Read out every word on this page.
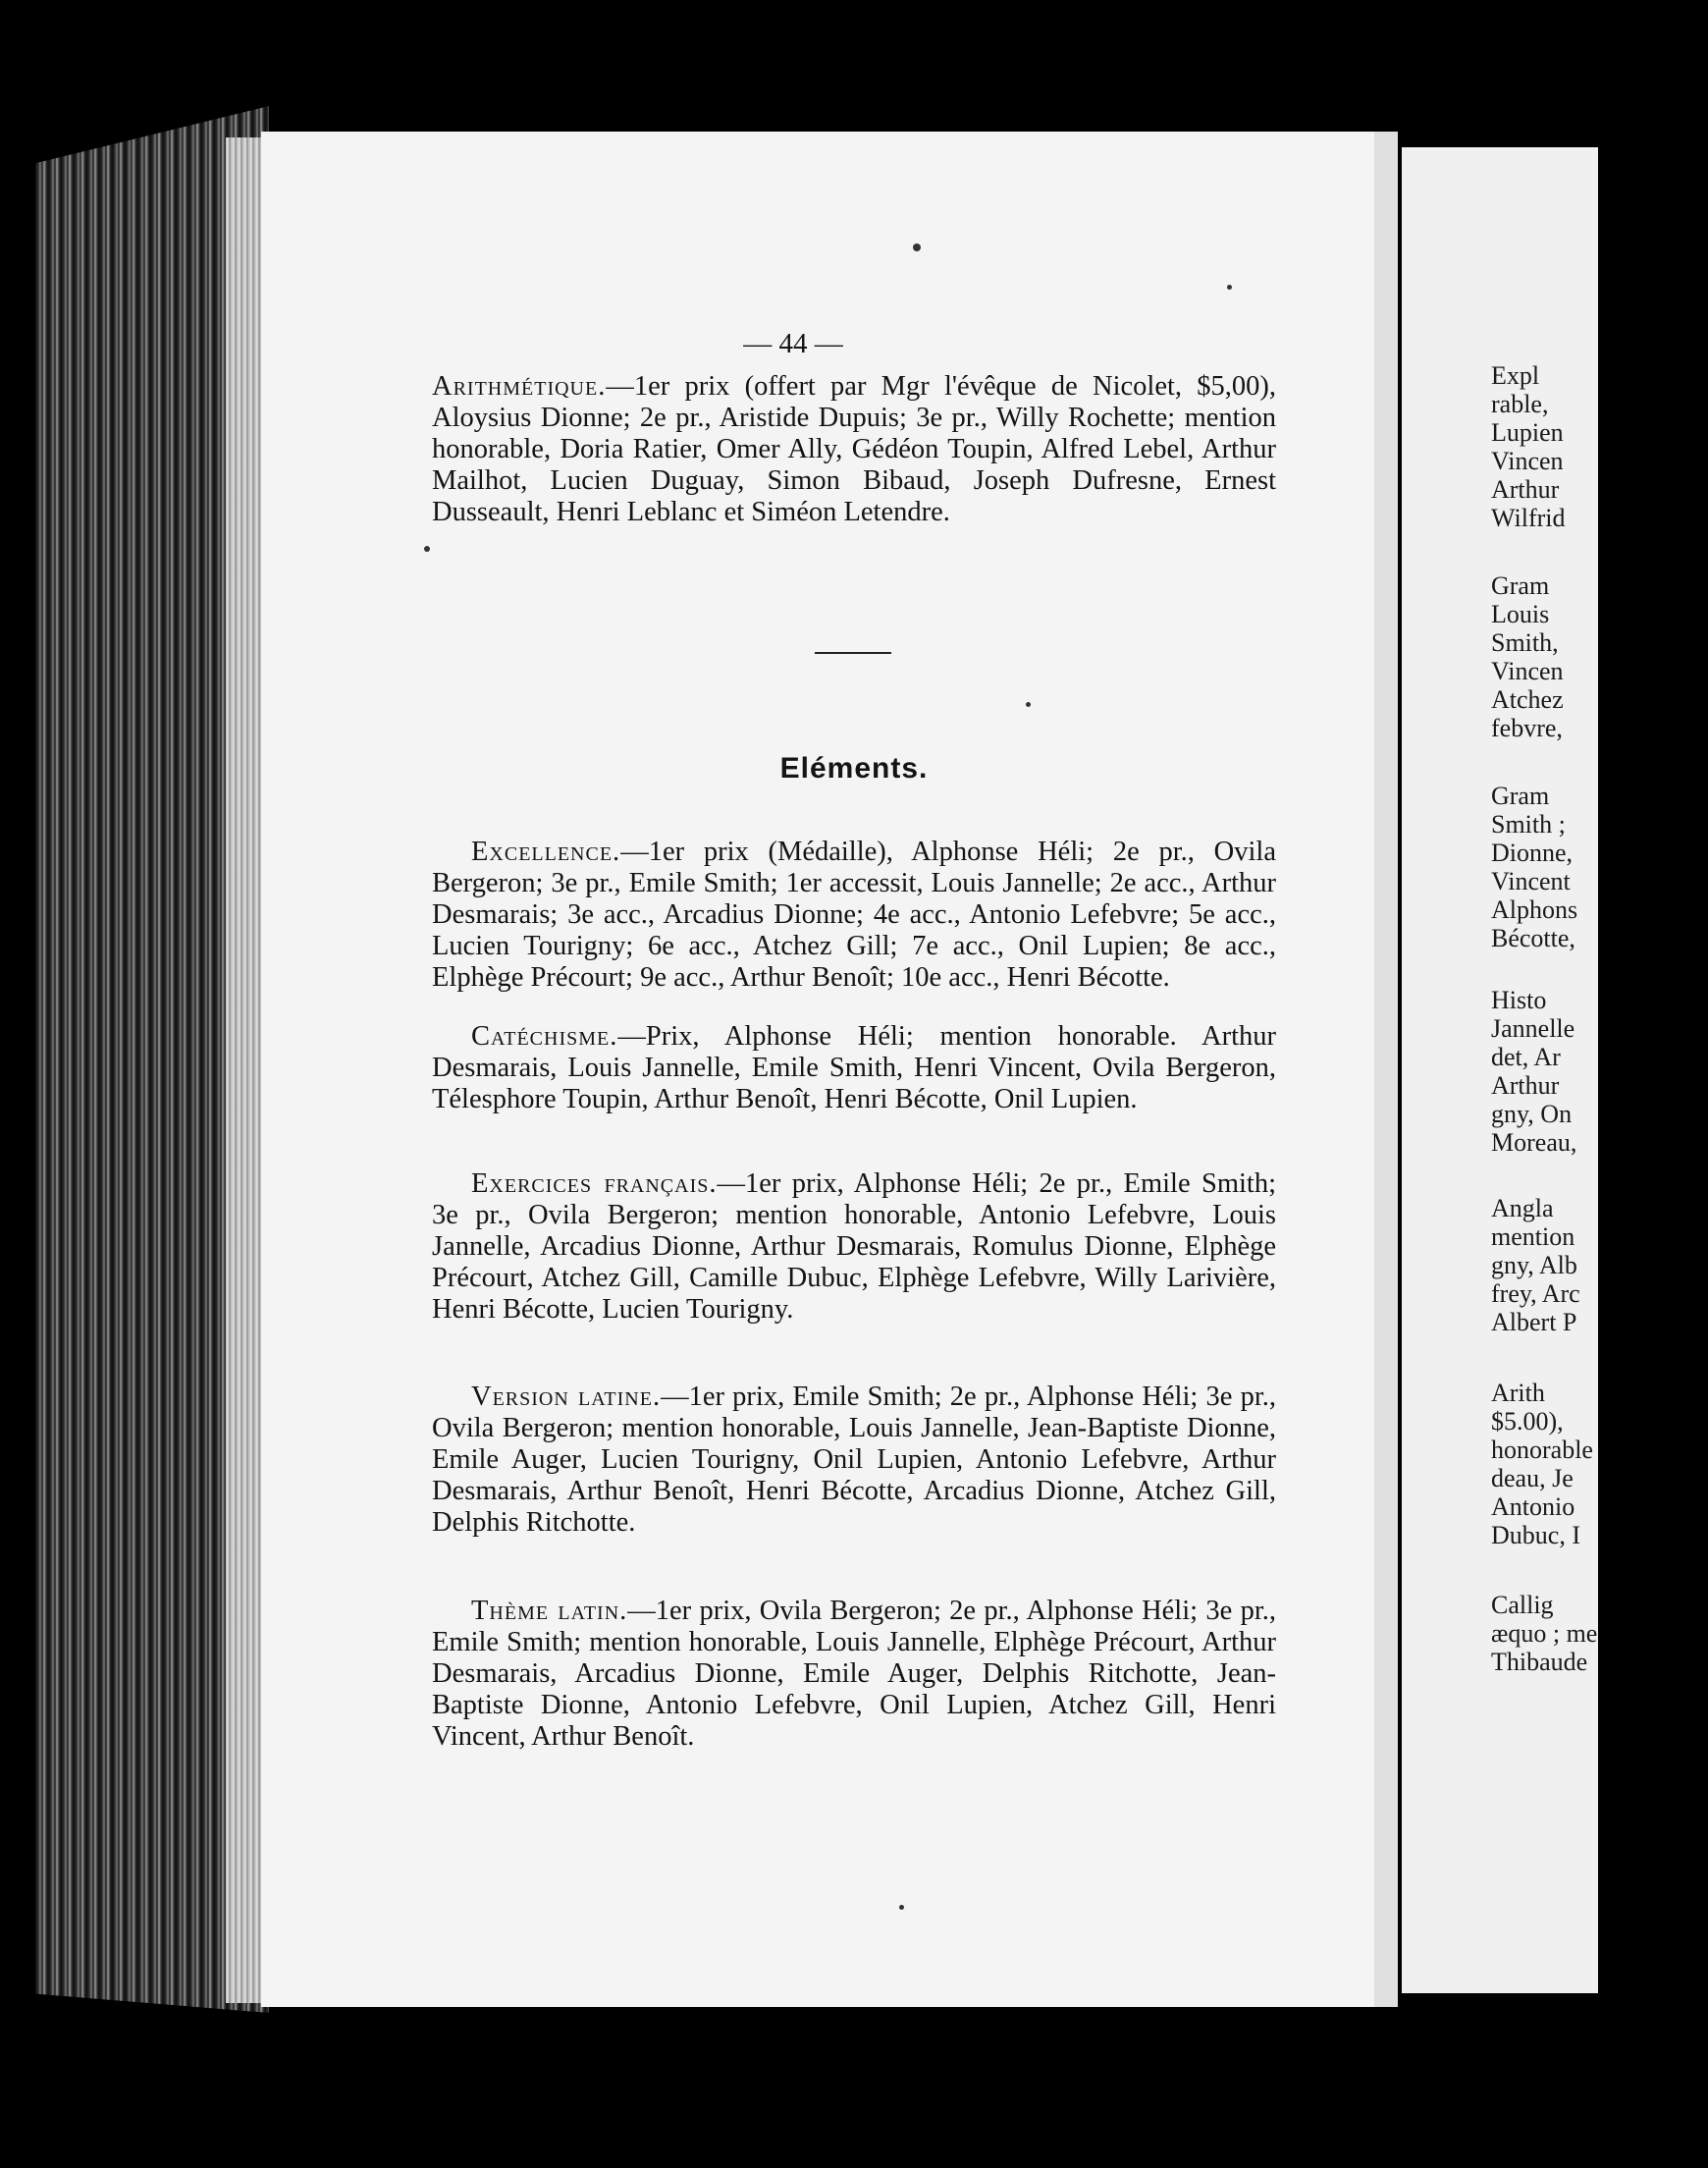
— 44 —

Arithmétique.—1er prix (offert par Mgr l'évêque de Nicolet, $5,00), Aloysius Dionne; 2e pr., Aristide Dupuis; 3e pr., Willy Rochette; mention honorable, Doria Ratier, Omer Ally, Gédéon Toupin, Alfred Lebel, Arthur Mailhot, Lucien Duguay, Simon Bibaud, Joseph Dufresne, Ernest Dusseault, Henri Leblanc et Siméon Letendre.

Eléments.

Excellence.—1er prix (Médaille), Alphonse Héli; 2e pr., Ovila Bergeron; 3e pr., Emile Smith; 1er accessit, Louis Jannelle; 2e acc., Arthur Desmarais; 3e acc., Arcadius Dionne; 4e acc., Antonio Lefebvre; 5e acc., Lucien Tourigny; 6e acc., Atchez Gill; 7e acc., Onil Lupien; 8e acc., Elphège Précourt; 9e acc., Arthur Benoît; 10e acc., Henri Bécotte.

Catéchisme.—Prix, Alphonse Héli; mention honorable. Arthur Desmarais, Louis Jannelle, Emile Smith, Henri Vincent, Ovila Bergeron, Télesphore Toupin, Arthur Benoît, Henri Bécotte, Onil Lupien.

Exercices français.—1er prix, Alphonse Héli; 2e pr., Emile Smith; 3e pr., Ovila Bergeron; mention honorable, Antonio Lefebvre, Louis Jannelle, Arcadius Dionne, Arthur Desmarais, Romulus Dionne, Elphège Précourt, Atchez Gill, Camille Dubuc, Elphège Lefebvre, Willy Larivière, Henri Bécotte, Lucien Tourigny.

Version latine.—1er prix, Emile Smith; 2e pr., Alphonse Héli; 3e pr., Ovila Bergeron; mention honorable, Louis Jannelle, Jean-Baptiste Dionne, Emile Auger, Lucien Tourigny, Onil Lupien, Antonio Lefebvre, Arthur Desmarais, Arthur Benoît, Henri Bécotte, Arcadius Dionne, Atchez Gill, Delphis Ritchotte.

Thème latin.—1er prix, Ovila Bergeron; 2e pr., Alphonse Héli; 3e pr., Emile Smith; mention honorable, Louis Jannelle, Elphège Précourt, Arthur Desmarais, Arcadius Dionne, Emile Auger, Delphis Ritchotte, Jean-Baptiste Dionne, Antonio Lefebvre, Onil Lupien, Atchez Gill, Henri Vincent, Arthur Benoît.

Expl
rable,
Lupien
Vincen
Arthur
Wilfrid
Gram
Louis
Smith,
Vincen
Atchez
febvre,
Gram
Smith ;
Dionne,
Vincent
Alphons
Bécotte,
Histo
Jannelle
det, Ar
Arthur
gny, On
Moreau,
Angla
mention
gny, Alb
frey, Arc
Albert P
Arith
$5.00),
honorable
deau, Je
Antonio
Dubuc, I
Callig
æquo ; me
Thibaude
